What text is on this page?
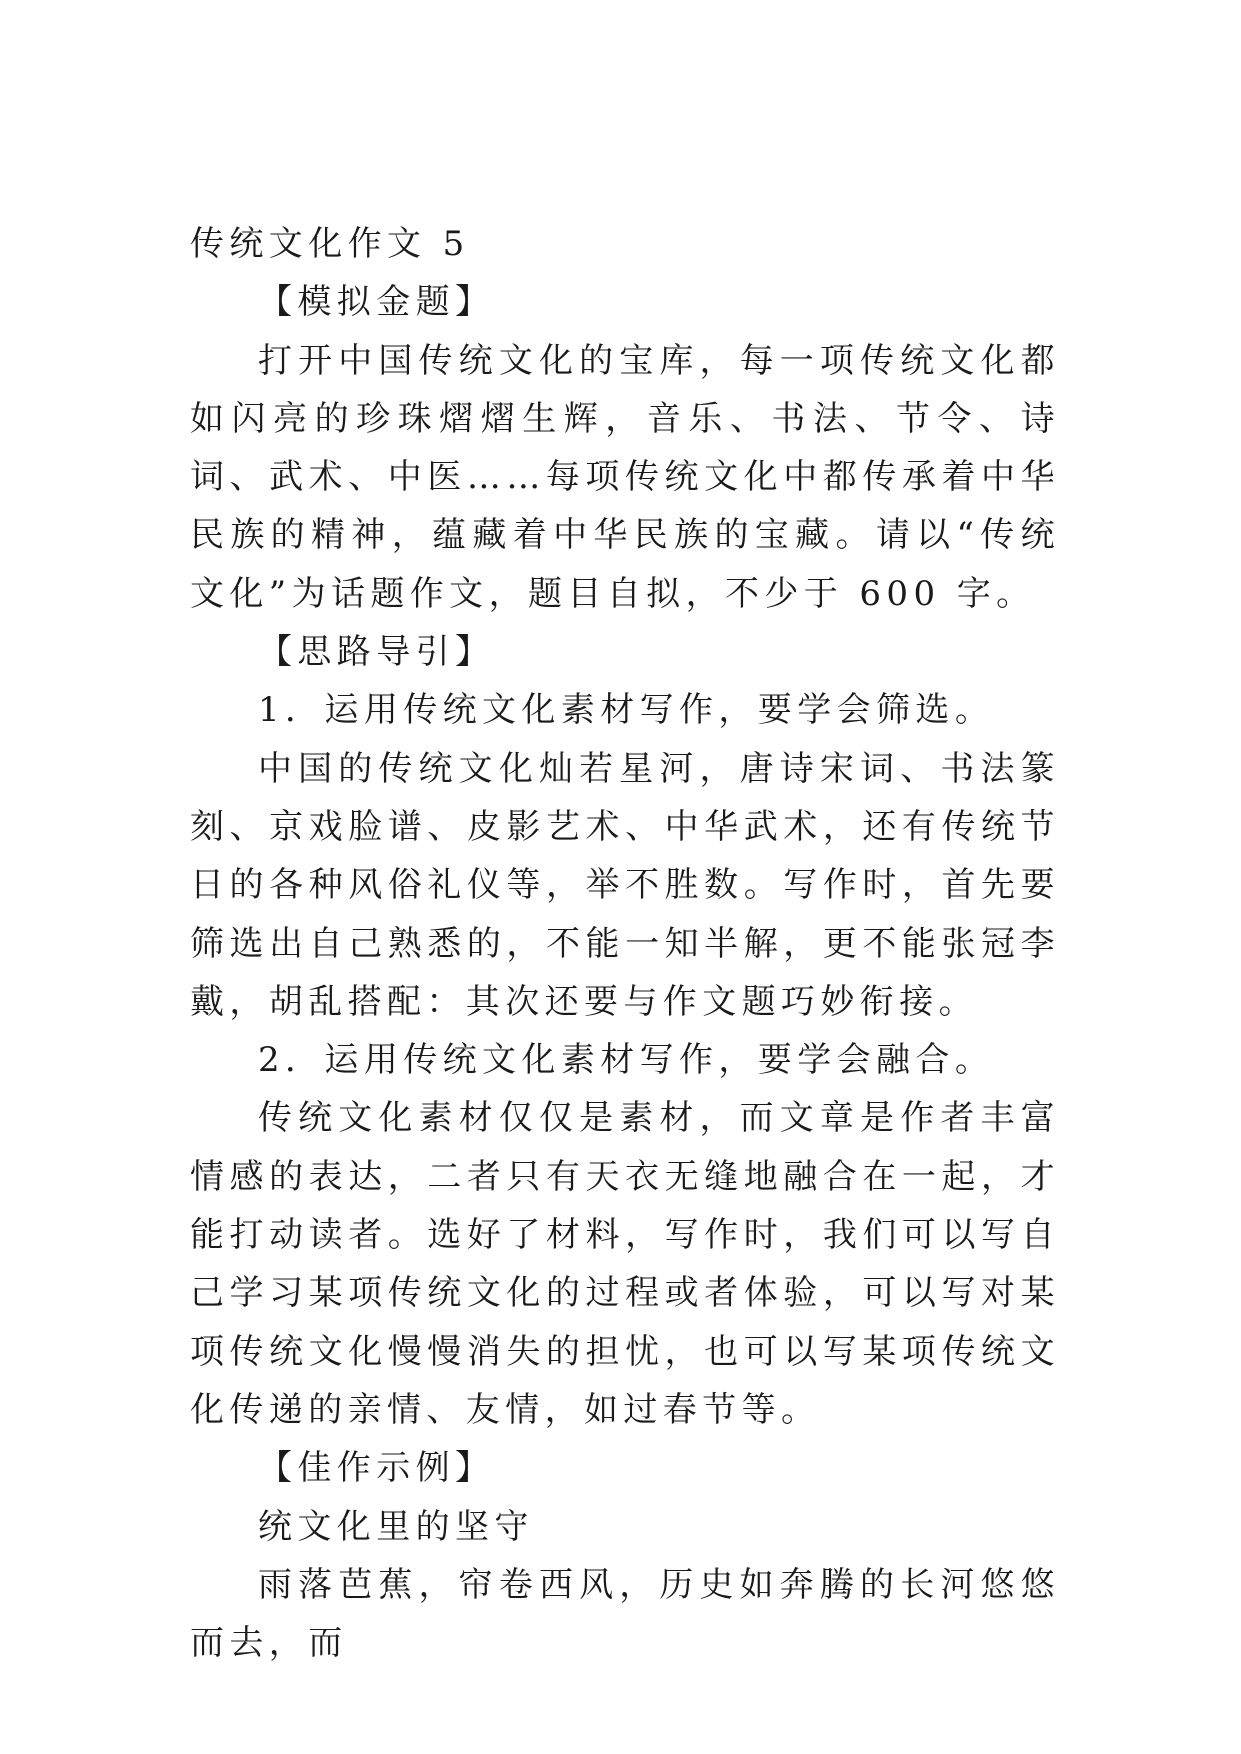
传统文化作文 5

【模拟金题】

打开中国传统文化的宝库，每一项传统文化都如闪亮的珍珠熠熠生辉，音乐、书法、节令、诗词、武术、中医……每项传统文化中都传承着中华民族的精神，蕴藏着中华民族的宝藏。请以“传统文化”为话题作文，题目自拟，不少于 600 字。

【思路导引】

1．运用传统文化素材写作，要学会筛选。

中国的传统文化灿若星河，唐诗宋词、书法篆刻、京戏脸谱、皮影艺术、中华武术，还有传统节日的各种风俗礼仪等，举不胜数。写作时，首先要筛选出自己熟悉的，不能一知半解，更不能张冠李戴，胡乱搭配：其次还要与作文题巧妙衔接。

2．运用传统文化素材写作，要学会融合。

传统文化素材仅仅是素材，而文章是作者丰富情感的表达，二者只有天衣无缝地融合在一起，才能打动读者。选好了材料，写作时，我们可以写自己学习某项传统文化的过程或者体验，可以写对某项传统文化慢慢消失的担忧，也可以写某项传统文化传递的亲情、友情，如过春节等。

【佳作示例】

统文化里的坚守

雨落芭蕉，帘卷西风，历史如奔腾的长河悠悠而去，而
